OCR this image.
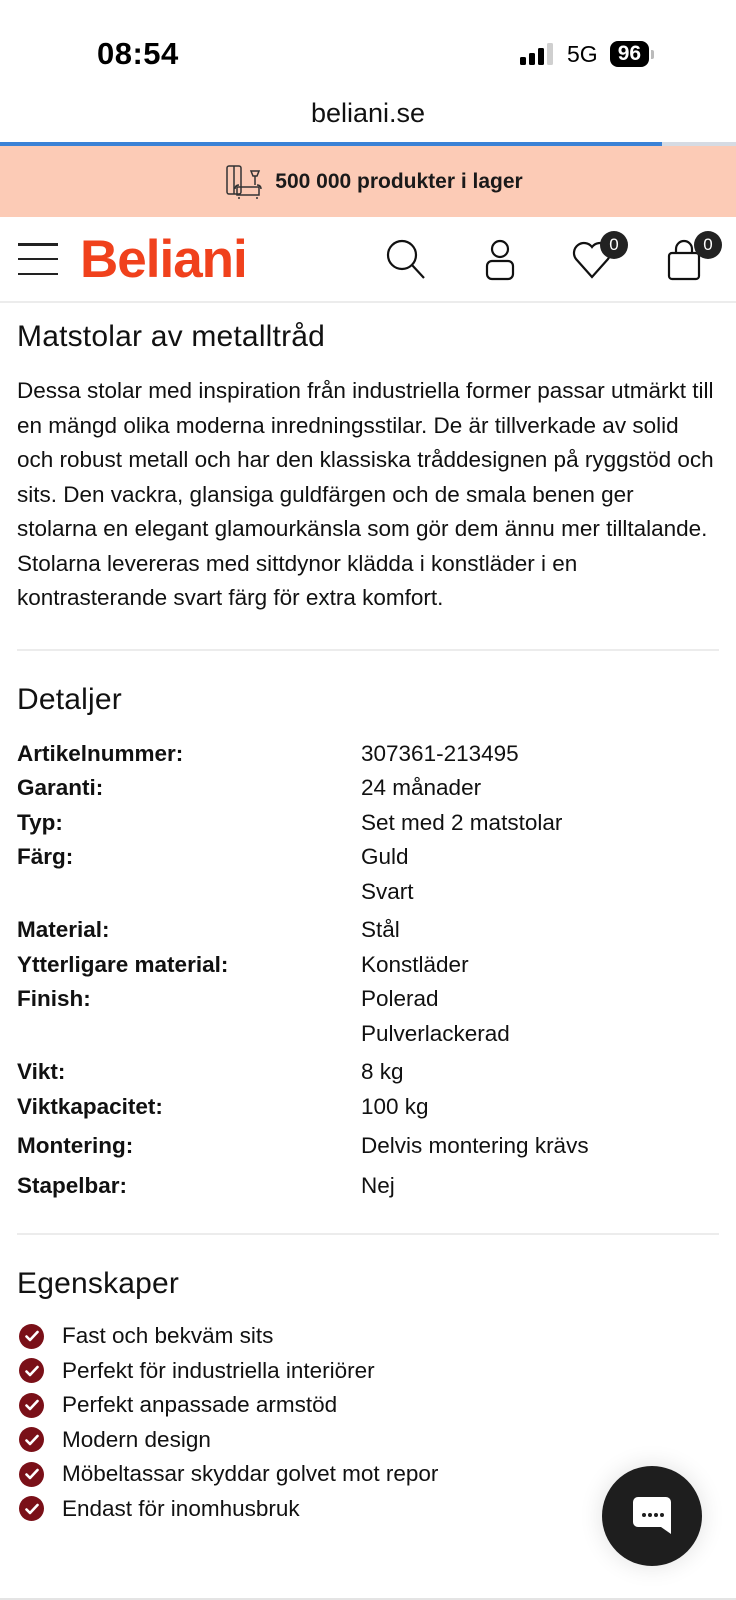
08:54	5G 96
beliani.se
500 000 produkter i lager
Beliani	0	0
Matstolar av metalltråd

Dessa stolar med inspiration från industriella former passar utmärkt till en mängd olika moderna inredningsstilar. De är tillverkade av solid och robust metall och har den klassiska tråddesignen på ryggstöd och sits. Den vackra, glansiga guldfärgen och de smala benen ger stolarna en elegant glamourkänsla som gör dem ännu mer tilltalande. Stolarna levereras med sittdynor klädda i konstläder i en kontrasterande svart färg för extra komfort.

Detaljer
Artikelnummer:	307361-213495
Garanti:	24 månader
Typ:	Set med 2 matstolar
Färg:	Guld
Svart
Material:	Stål
Ytterligare material:	Konstläder
Finish:	Polerad
Pulverlackerad
Vikt:	8 kg
Viktkapacitet:	100 kg
Montering:	Delvis montering krävs
Stapelbar:	Nej
Egenskaper
Fast och bekväm sits
Perfekt för industriella interiörer
Perfekt anpassade armstöd
Modern design
Möbeltassar skyddar golvet mot repor
Endast för inomhusbruk
